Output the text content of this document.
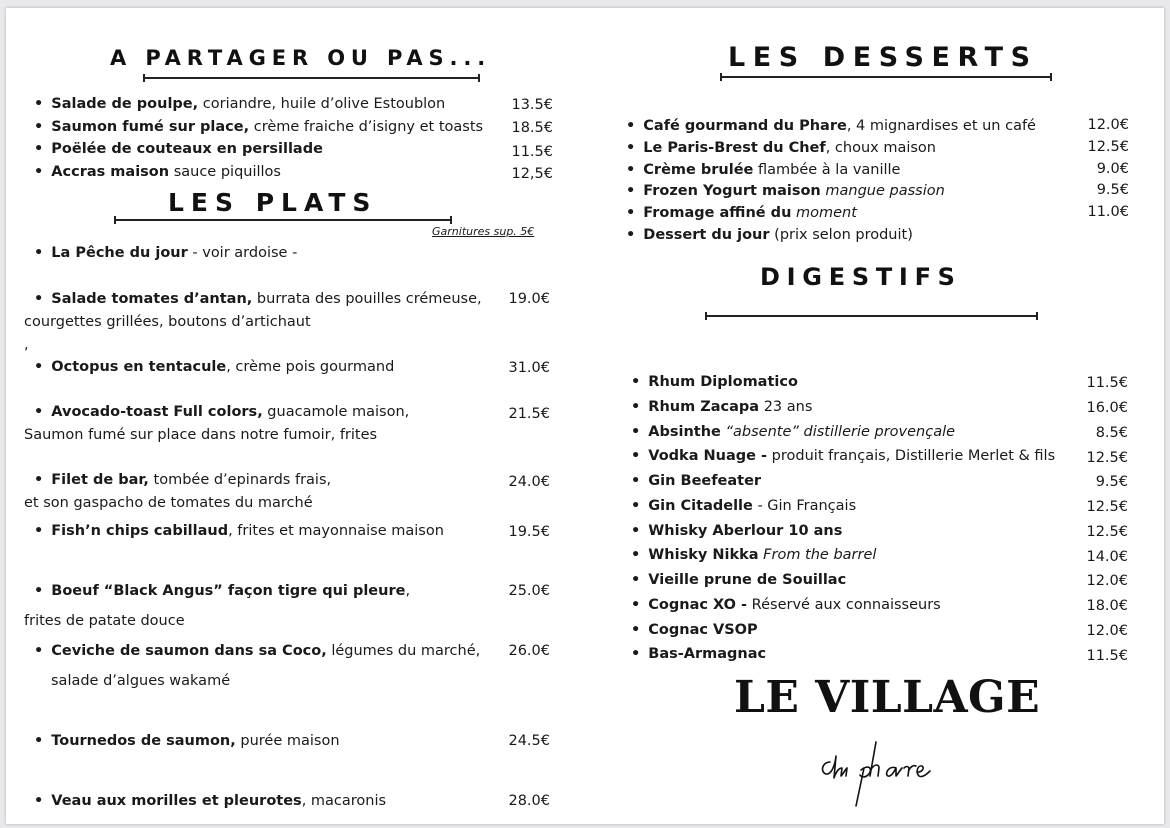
A PARTAGER OU PAS...
• Salade de poulpe, coriandre, huile d’olive Estoublon	13.5€
• Saumon fumé sur place, crème fraiche d’isigny et toasts 18.5€
• Poëlée de couteaux en persillade	11.5€
• Accras maison sauce piquillos	12,5€
LES PLATS
Garnitures sup. 5€
• La Pêche du jour - voir ardoise -
• Salade tomates d’antan, burrata des pouilles crémeuse,
courgettes grillées, boutons d’artichaut
19.0€
,
• Octopus en tentacule, crème pois gourmand	31.0€
• Avocado-toast Full colors, guacamole maison,
Saumon fumé sur place dans notre fumoir, frites
21.5€
• Filet de bar, tombée d’epinards frais,
et son gaspacho de tomates du marché
24.0€
• Fish’n chips cabillaud, frites et mayonnaise maison	19.5€
• Boeuf “Black Angus” façon tigre qui pleure,
frites de patate douce
25.0€
• Ceviche de saumon dans sa Coco, légumes du marché,
salade d’algues wakamé
26.0€
• Tournedos de saumon, purée maison	24.5€
• Veau aux morilles et pleurotes, macaronis	28.0€
LES DESSERTS
• Café gourmand du Phare, 4 mignardises et un café	12.0€
• Le Paris-Brest du Chef, choux maison	12.5€
• Crème brulée flambée à la vanille	9.0€
• Frozen Yogurt maison mangue passion	9.5€
• Fromage affiné du moment	11.0€
• Dessert du jour (prix selon produit)
DIGESTIFS
• Rhum Diplomatico	11.5€
• Rhum Zacapa 23 ans	16.0€
• Absinthe “absente” distillerie provençale	8.5€
• Vodka Nuage - produit français, Distillerie Merlet & fils 12.5€
• Gin Beefeater	9.5€
• Gin Citadelle - Gin Français	12.5€
• Whisky Aberlour 10 ans	12.5€
• Whisky Nikka From the barrel	14.0€
• Vieille prune de Souillac	12.0€
• Cognac XO - Réservé aux connaisseurs	18.0€
• Cognac VSOP	12.0€
• Bas-Armagnac	11.5€
LE VILLAGE
